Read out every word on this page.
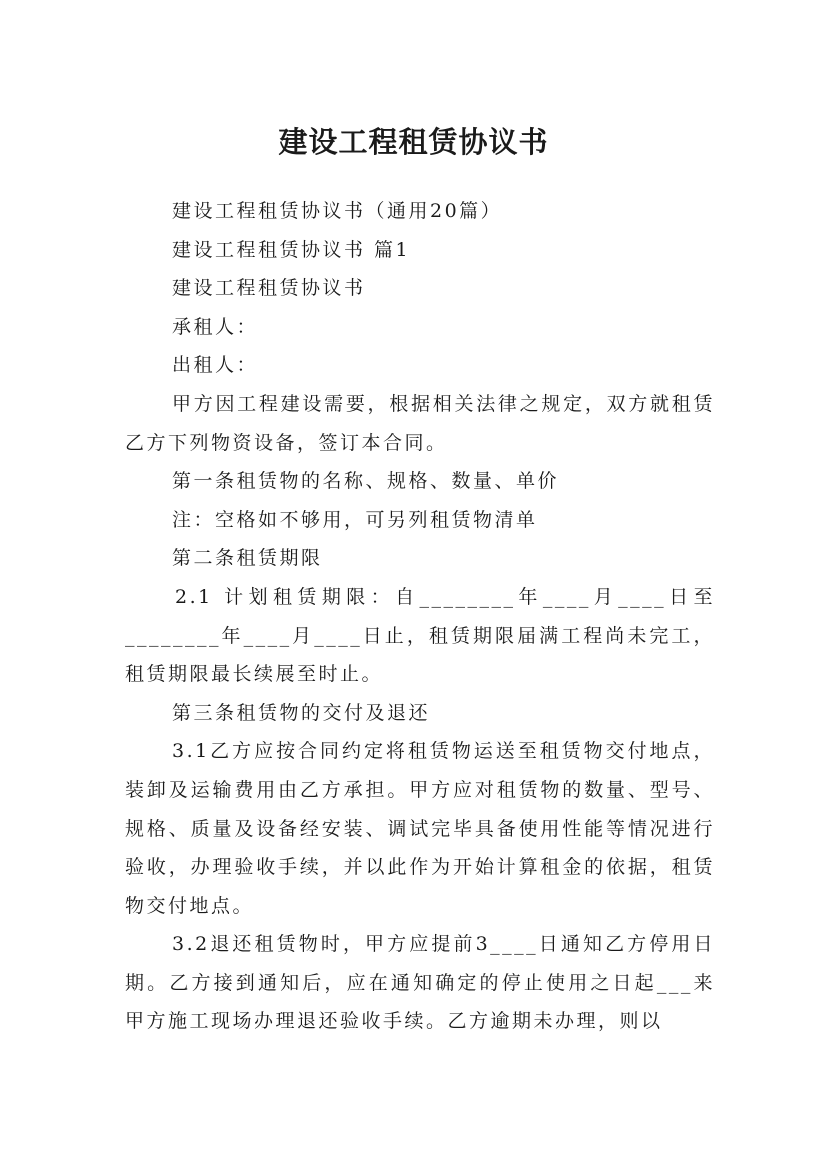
建设工程租赁协议书

建设工程租赁协议书（通用20篇）

建设工程租赁协议书 篇1

建设工程租赁协议书

承租人：

出租人：

甲方因工程建设需要，根据相关法律之规定，双方就租赁乙方下列物资设备，签订本合同。

第一条租赁物的名称、规格、数量、单价

注：空格如不够用，可另列租赁物清单

第二条租赁期限

2.1 计划租赁期限：自________年____月____日至________年____月____日止，租赁期限届满工程尚未完工，租赁期限最长续展至时止。

第三条租赁物的交付及退还

3.1乙方应按合同约定将租赁物运送至租赁物交付地点，装卸及运输费用由乙方承担。甲方应对租赁物的数量、型号、规格、质量及设备经安装、调试完毕具备使用性能等情况进行验收，办理验收手续，并以此作为开始计算租金的依据，租赁物交付地点。

3.2退还租赁物时，甲方应提前3____日通知乙方停用日期。乙方接到通知后，应在通知确定的停止使用之日起___来甲方施工现场办理退还验收手续。乙方逾期未办理，则以
